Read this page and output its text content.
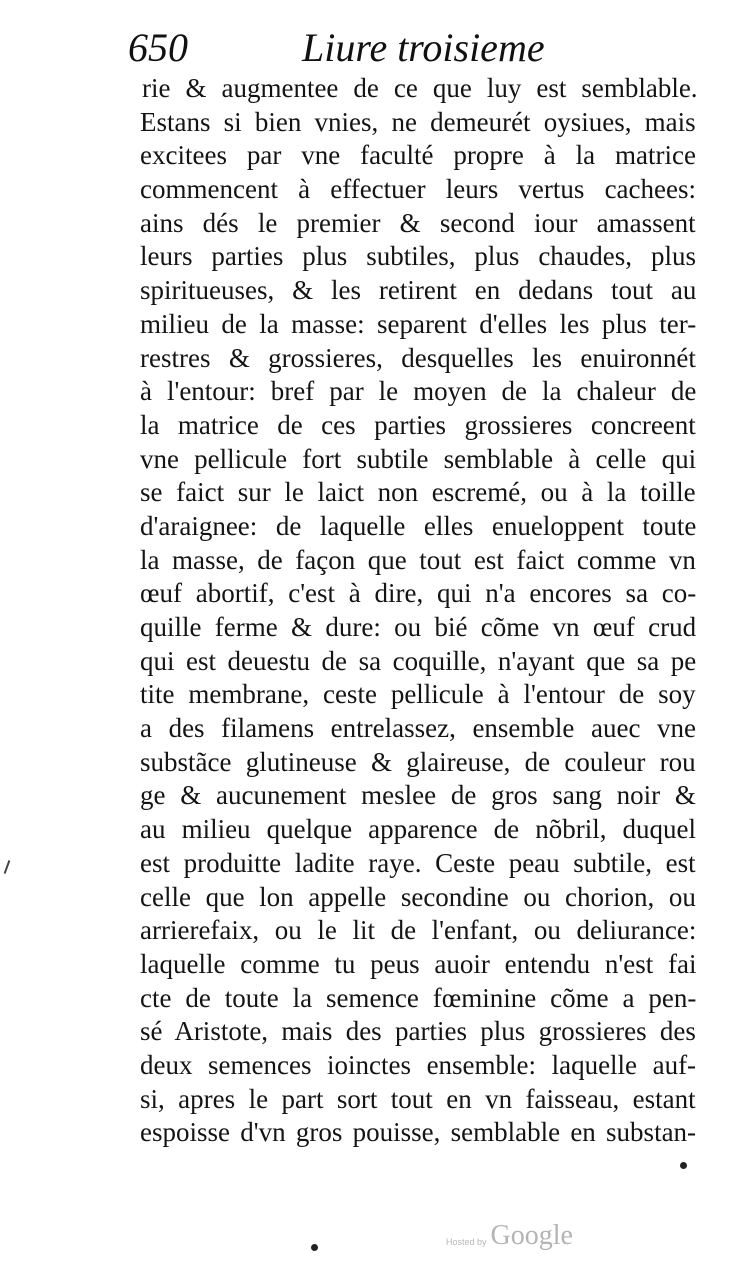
650	Liure troisieme
rie & augmentee de ce que luy est semblable.
Estans si bien vnies, ne demeurét oysiues, mais
excitees par vne faculté propre à la matrice
commencent à effectuer leurs vertus cachees:
ains dés le premier & second iour amassent
leurs parties plus subtiles, plus chaudes, plus
spiritueuses, & les retirent en dedans tout au
milieu de la masse: separent d'elles les plus ter-
restres & grossieres, desquelles les enuironnét
à l'entour: bref par le moyen de la chaleur de
la matrice de ces parties grossieres concreent
vne pellicule fort subtile semblable à celle qui
se faict sur le laict non escremé, ou à la toille
d'araignee: de laquelle elles enueloppent toute
la masse, de façon que tout est faict comme vn
œuf abortif, c'est à dire, qui n'a encores sa co-
quille ferme & dure: ou bié cõme vn œuf crud
qui est deuestu de sa coquille, n'ayant que sa pe
tite membrane, ceste pellicule à l'entour de soy
a des filamens entrelassez, ensemble auec vne
substãce glutineuse & glaireuse, de couleur rou
ge & aucunement meslee de gros sang noir &
au milieu quelque apparence de nõbril, duquel
est produitte ladite raye. Ceste peau subtile, est
celle que lon appelle secondine ou chorion, ou
arrierefaix, ou le lit de l'enfant, ou deliurance:
laquelle comme tu peus auoir entendu n'est fai
cte de toute la semence fœminine cõme a pen-
sé Aristote, mais des parties plus grossieres des
deux semences ioinctes ensemble: laquelle auf-
si, apres le part sort tout en vn faisseau, estant
espoisse d'vn gros pouisse, semblable en substan-
Hosted by Google
